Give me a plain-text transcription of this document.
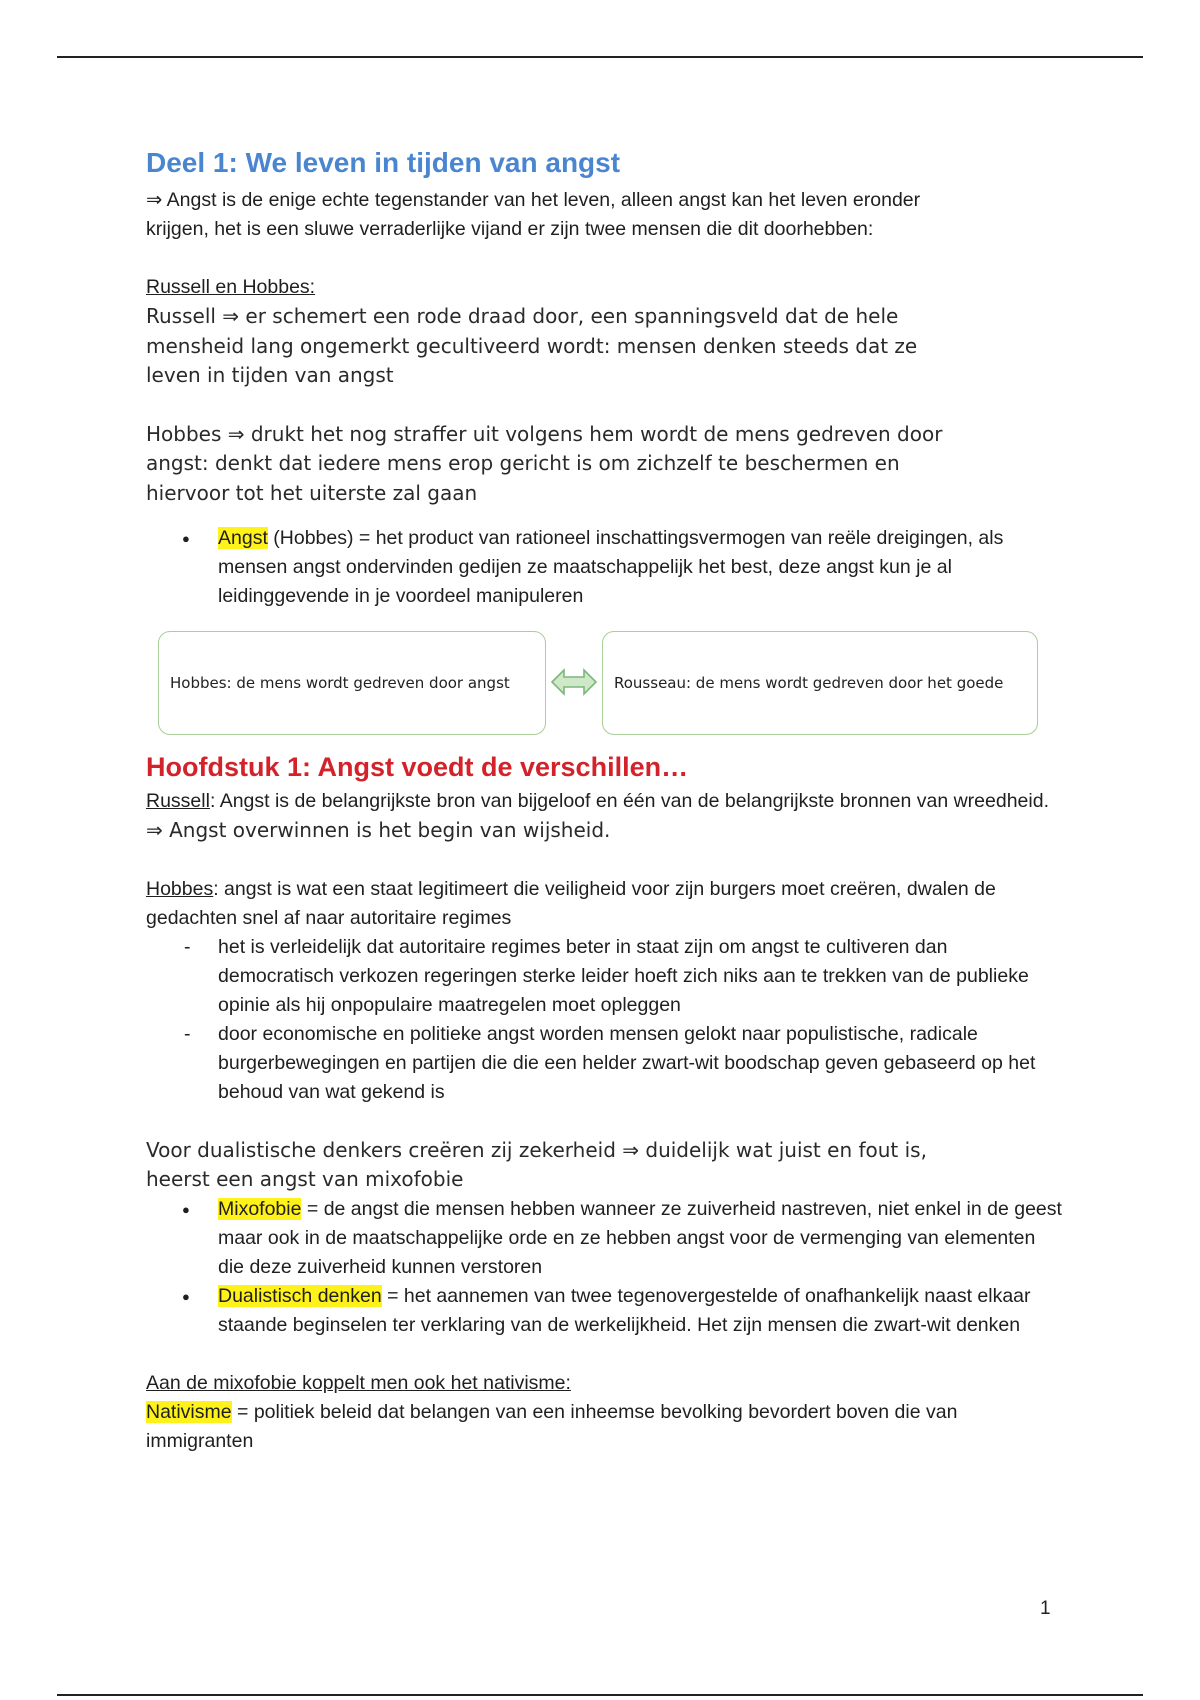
Deel 1: We leven in tijden van angst

⇒ Angst is de enige echte tegenstander van het leven, alleen angst kan het leven eronder

krijgen, het is een sluwe verraderlijke vijand er zijn twee mensen die dit doorhebben:

Russell en Hobbes:

Russell ⇒ er schemert een rode draad door, een spanningsveld dat de hele

mensheid lang ongemerkt gecultiveerd wordt: mensen denken steeds dat ze

leven in tijden van angst

Hobbes ⇒ drukt het nog straffer uit volgens hem wordt de mens gedreven door

angst: denkt dat iedere mens erop gericht is om zichzelf te beschermen en

hiervoor tot het uiterste zal gaan

● Angst (Hobbes) = het product van rationeel inschattingsvermogen van reële dreigingen, als mensen angst ondervinden gedijen ze maatschappelijk het best, deze angst kun je al leidinggevende in je voordeel manipuleren
Hobbes: de mens wordt gedreven door angst	Rousseau: de mens wordt gedreven door het goede
Hoofdstuk 1: Angst voedt de verschillen…

Russell: Angst is de belangrijkste bron van bijgeloof en één van de belangrijkste bronnen van wreedheid.

⇒ Angst overwinnen is het begin van wijsheid.

Hobbes: angst is wat een staat legitimeert die veiligheid voor zijn burgers moet creëren, dwalen de gedachten snel af naar autoritaire regimes

- het is verleidelijk dat autoritaire regimes beter in staat zijn om angst te cultiveren dan democratisch verkozen regeringen sterke leider hoeft zich niks aan te trekken van de publieke opinie als hij onpopulaire maatregelen moet opleggen
- door economische en politieke angst worden mensen gelokt naar populistische, radicale burgerbewegingen en partijen die die een helder zwart-wit boodschap geven gebaseerd op het behoud van wat gekend is

Voor dualistische denkers creëren zij zekerheid ⇒ duidelijk wat juist en fout is,

heerst een angst van mixofobie

● Mixofobie = de angst die mensen hebben wanneer ze zuiverheid nastreven, niet enkel in de geest maar ook in de maatschappelijke orde en ze hebben angst voor de vermenging van elementen die deze zuiverheid kunnen verstoren
● Dualistisch denken = het aannemen van twee tegenovergestelde of onafhankelijk naast elkaar staande beginselen ter verklaring van de werkelijkheid. Het zijn mensen die zwart-wit denken

Aan de mixofobie koppelt men ook het nativisme:

Nativisme = politiek beleid dat belangen van een inheemse bevolking bevordert boven die van immigranten

1
